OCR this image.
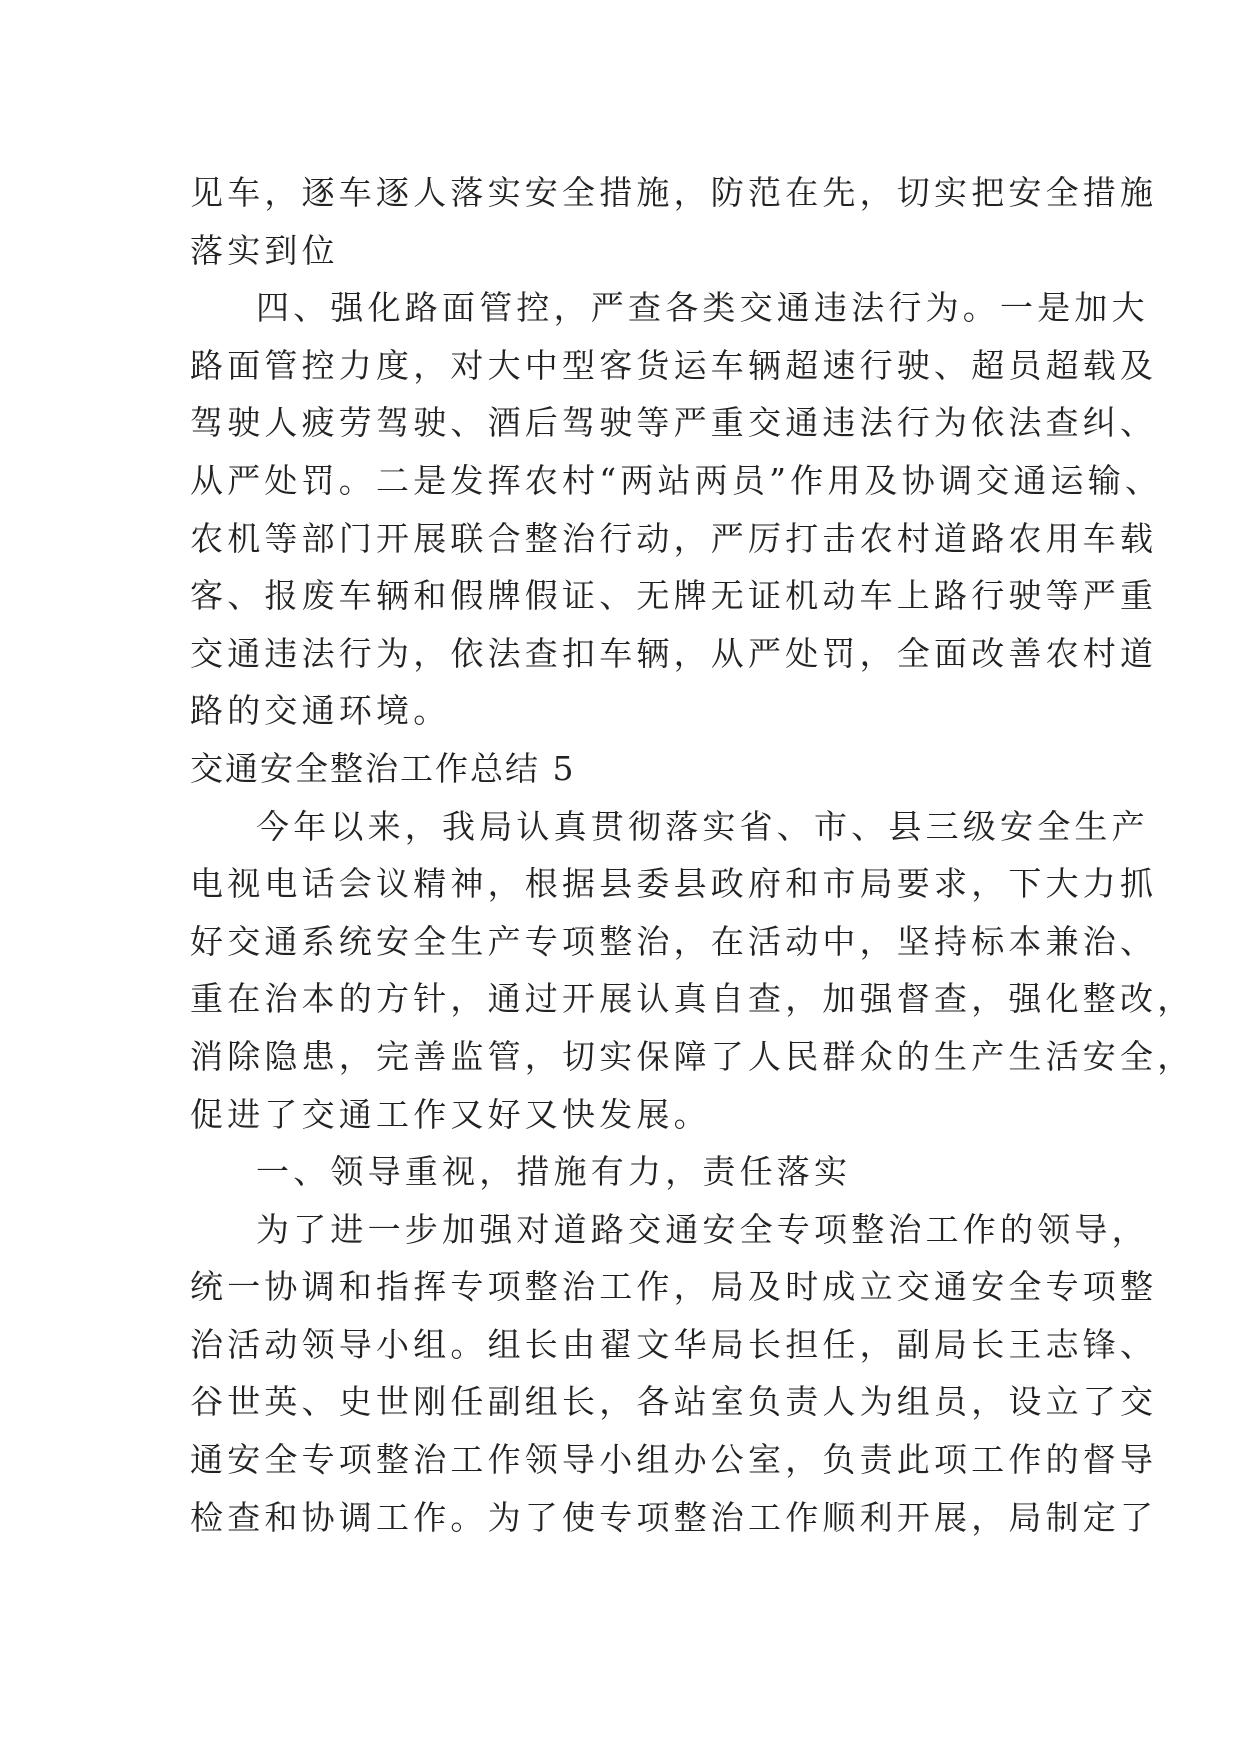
见车，逐车逐人落实安全措施，防范在先，切实把安全措施
落实到位
四、强化路面管控，严查各类交通违法行为。一是加大
路面管控力度，对大中型客货运车辆超速行驶、超员超载及
驾驶人疲劳驾驶、酒后驾驶等严重交通违法行为依法查纠、
从严处罚。二是发挥农村“两站两员”作用及协调交通运输、
农机等部门开展联合整治行动，严厉打击农村道路农用车载
客、报废车辆和假牌假证、无牌无证机动车上路行驶等严重
交通违法行为，依法查扣车辆，从严处罚，全面改善农村道
路的交通环境。
交通安全整治工作总结 5
今年以来，我局认真贯彻落实省、市、县三级安全生产
电视电话会议精神，根据县委县政府和市局要求，下大力抓
好交通系统安全生产专项整治，在活动中，坚持标本兼治、
重在治本的方针，通过开展认真自查，加强督查，强化整改，
消除隐患，完善监管，切实保障了人民群众的生产生活安全，
促进了交通工作又好又快发展。
一、领导重视，措施有力，责任落实
为了进一步加强对道路交通安全专项整治工作的领导，
统一协调和指挥专项整治工作，局及时成立交通安全专项整
治活动领导小组。组长由翟文华局长担任，副局长王志锋、
谷世英、史世刚任副组长，各站室负责人为组员，设立了交
通安全专项整治工作领导小组办公室，负责此项工作的督导
检查和协调工作。为了使专项整治工作顺利开展，局制定了
